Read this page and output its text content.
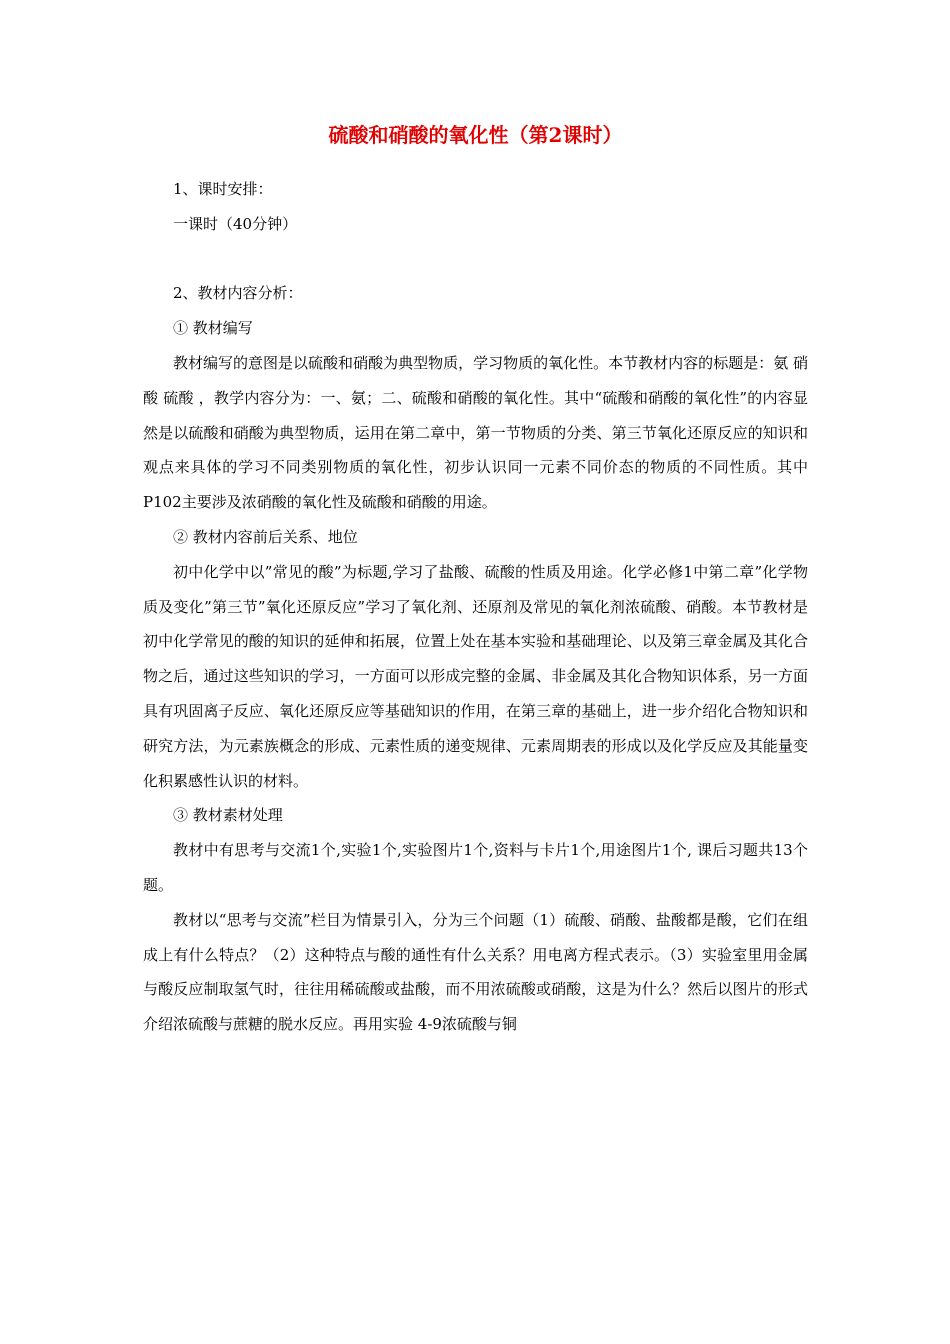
硫酸和硝酸的氧化性（第2课时）

1、课时安排：

一课时（40分钟）

2、教材内容分析：

① 教材编写

教材编写的意图是以硫酸和硝酸为典型物质，学习物质的氧化性。本节教材内容的标题是：氨 硝酸 硫酸 ，教学内容分为：一、氨；二、硫酸和硝酸的氧化性。其中“硫酸和硝酸的氧化性”的内容显然是以硫酸和硝酸为典型物质，运用在第二章中，第一节物质的分类、第三节氧化还原反应的知识和观点来具体的学习不同类别物质的氧化性，初步认识同一元素不同价态的物质的不同性质。其中P102主要涉及浓硝酸的氧化性及硫酸和硝酸的用途。

② 教材内容前后关系、地位

初中化学中以”常见的酸”为标题,学习了盐酸、硫酸的性质及用途。化学必修1中第二章”化学物质及变化”第三节”氧化还原反应”学习了氧化剂、还原剂及常见的氧化剂浓硫酸、硝酸。本节教材是初中化学常见的酸的知识的延伸和拓展，位置上处在基本实验和基础理论、以及第三章金属及其化合物之后，通过这些知识的学习，一方面可以形成完整的金属、非金属及其化合物知识体系，另一方面具有巩固离子反应、氧化还原反应等基础知识的作用，在第三章的基础上，进一步介绍化合物知识和研究方法，为元素族概念的形成、元素性质的递变规律、元素周期表的形成以及化学反应及其能量变化积累感性认识的材料。

③ 教材素材处理

教材中有思考与交流1个,实验1个,实验图片1个,资料与卡片1个,用途图片1个, 课后习题共13个题。

教材以“思考与交流”栏目为情景引入，分为三个问题（1）硫酸、硝酸、盐酸都是酸，它们在组成上有什么特点？（2）这种特点与酸的通性有什么关系？用电离方程式表示。（3）实验室里用金属与酸反应制取氢气时，往往用稀硫酸或盐酸，而不用浓硫酸或硝酸，这是为什么？然后以图片的形式介绍浓硫酸与蔗糖的脱水反应。再用实验 4-9浓硫酸与铜
